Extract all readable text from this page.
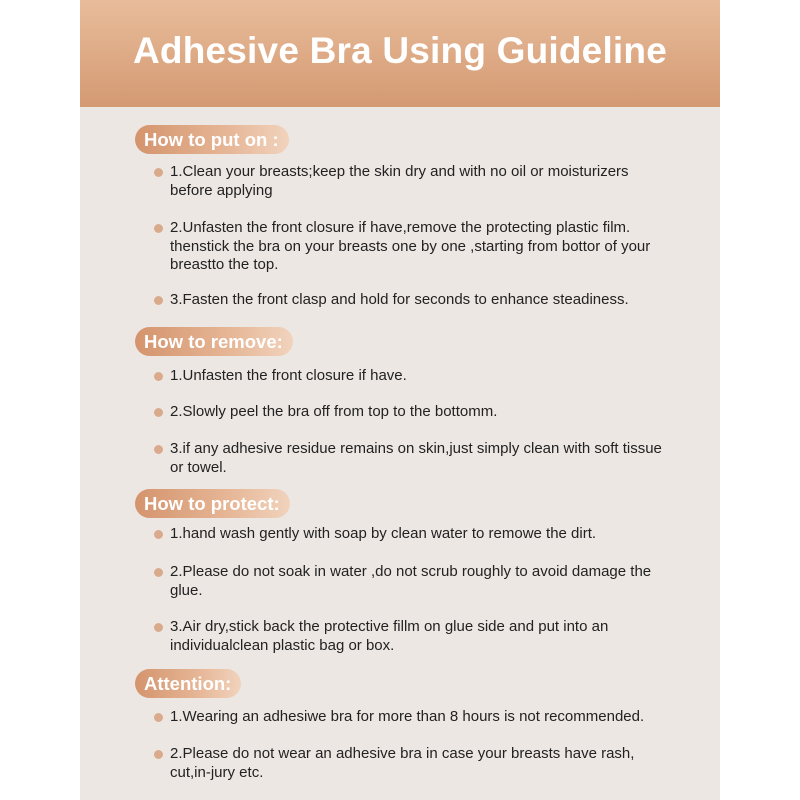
Adhesive Bra Using Guideline
How to put on :
1.Clean your breasts;keep the skin dry and with no oil or moisturizers before applying
2.Unfasten the front closure if have,remove the protecting plastic film. thenstick the bra on your breasts one by one ,starting from bottor of your breastto the top.
3.Fasten the front clasp and hold for seconds to enhance steadiness.
How to remove:
1.Unfasten the front closure if have.
2.Slowly peel the bra off from top to the bottomm.
3.if any adhesive residue remains on skin,just simply clean with soft tissue or towel.
How to protect:
1.hand wash gently with soap by clean water to remowe the dirt.
2.Please do not soak in water ,do not scrub roughly to avoid damage the glue.
3.Air dry,stick back the protective fillm on glue side and put into an individualclean plastic bag or box.
Attention:
1.Wearing an adhesiwe bra for more than 8 hours is not recommended.
2.Please do not wear an adhesive bra in case your breasts have rash, cut,in-jury etc.
